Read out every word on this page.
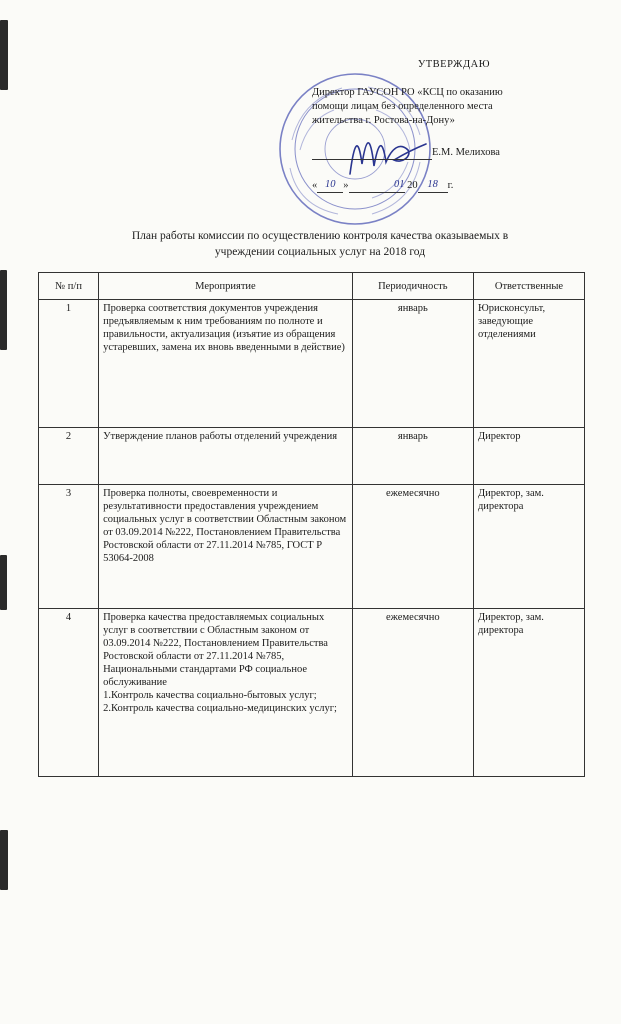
УТВЕРЖДАЮ
Директор ГАУСОН РО «КСЦ по оказанию
помощи лицам без определенного места
жительства г. Ростова-на-Дону»
Е.М. Мелихова
« 10 »	01 20 18 г.
План работы комиссии по осуществлению контроля качества оказываемых в
учреждении социальных услуг на 2018 год
№ п/п	Мероприятие	Периодичность	Ответственные
1	Проверка соответствия документов учреждения предъявляемым к ним требованиям по полноте и правильности, актуализация (изъятие из обращения устаревших, замена их вновь введенными в действие)	январь	Юрисконсульт, заведующие отделениями
2	Утверждение планов работы отделений учреждения	январь	Директор
3	Проверка полноты, своевременности и результативности предоставления учреждением социальных услуг в соответствии Областным законом от 03.09.2014 №222, Постановлением Правительства Ростовской области от 27.11.2014 №785, ГОСТ Р 53064-2008	ежемесячно	Директор, зам. директора
4	Проверка качества предоставляемых социальных услуг в соответствии с Областным законом от 03.09.2014 №222, Постановлением Правительства Ростовской области от 27.11.2014 №785, Национальными стандартами РФ социальное обслуживание
1.Контроль качества социально-бытовых услуг;
2.Контроль качества социально-медицинских услуг;	ежемесячно	Директор, зам. директора
